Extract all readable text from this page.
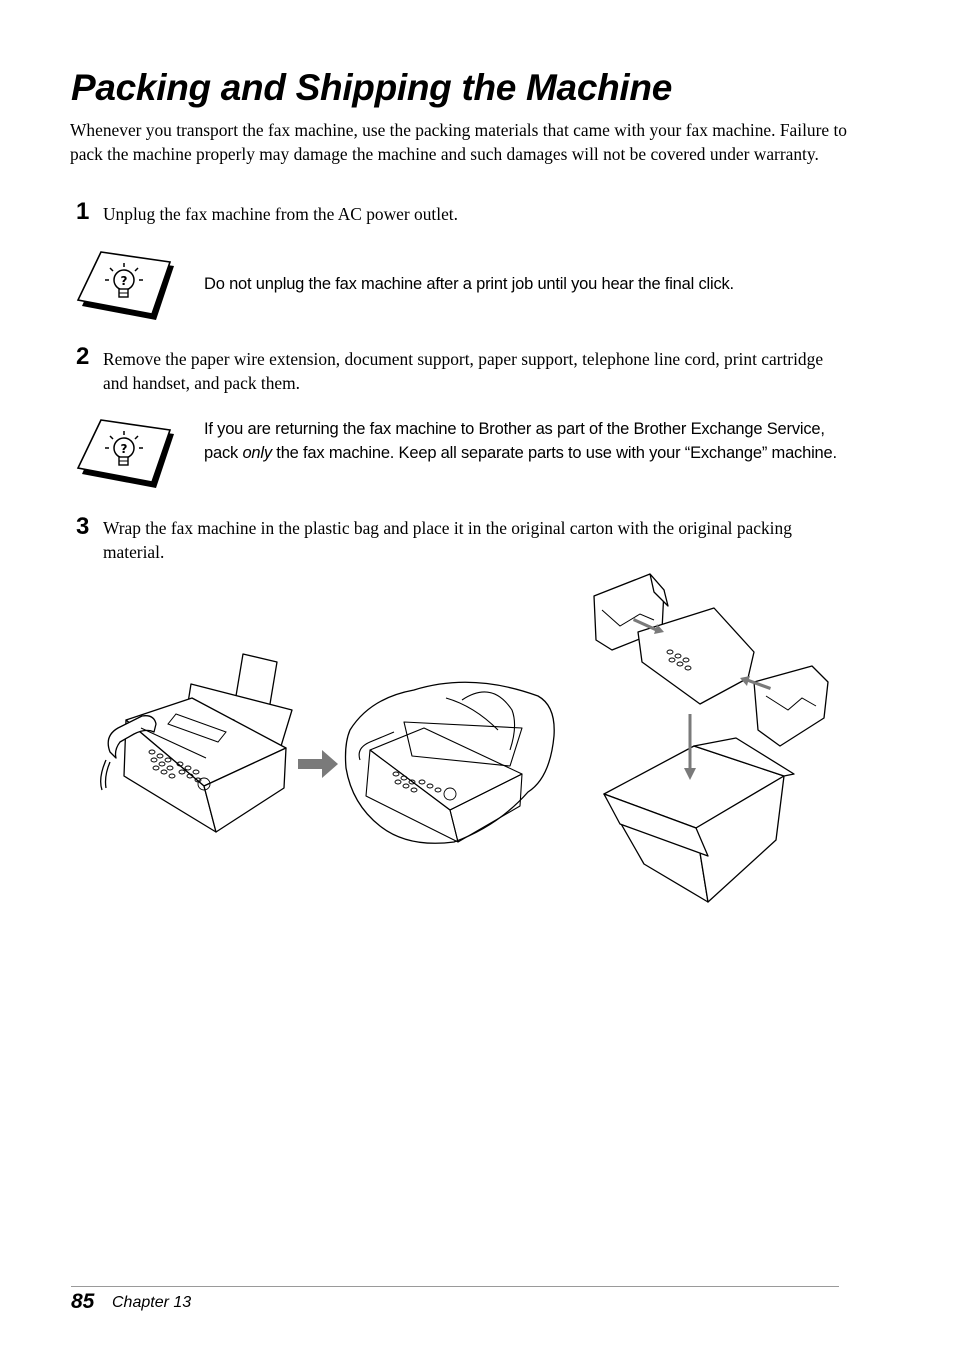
Packing and Shipping the Machine

Whenever you transport the fax machine, use the packing materials that came with your fax machine. Failure to pack the machine properly may damage the machine and such damages will not be covered under warranty.

1 Unplug the fax machine from the AC power outlet.

?	Do not unplug the fax machine after a print job until you hear the final click.

2 Remove the paper wire extension, document support, paper support, telephone line cord, print cartridge and handset, and pack them.

?

If you are returning the fax machine to Brother as part of the Brother Exchange Service, pack only the fax machine. Keep all separate parts to use with your “Exchange” machine.

3 Wrap the fax machine in the plastic bag and place it in the original carton with the original packing material.

85 Chapter 13
